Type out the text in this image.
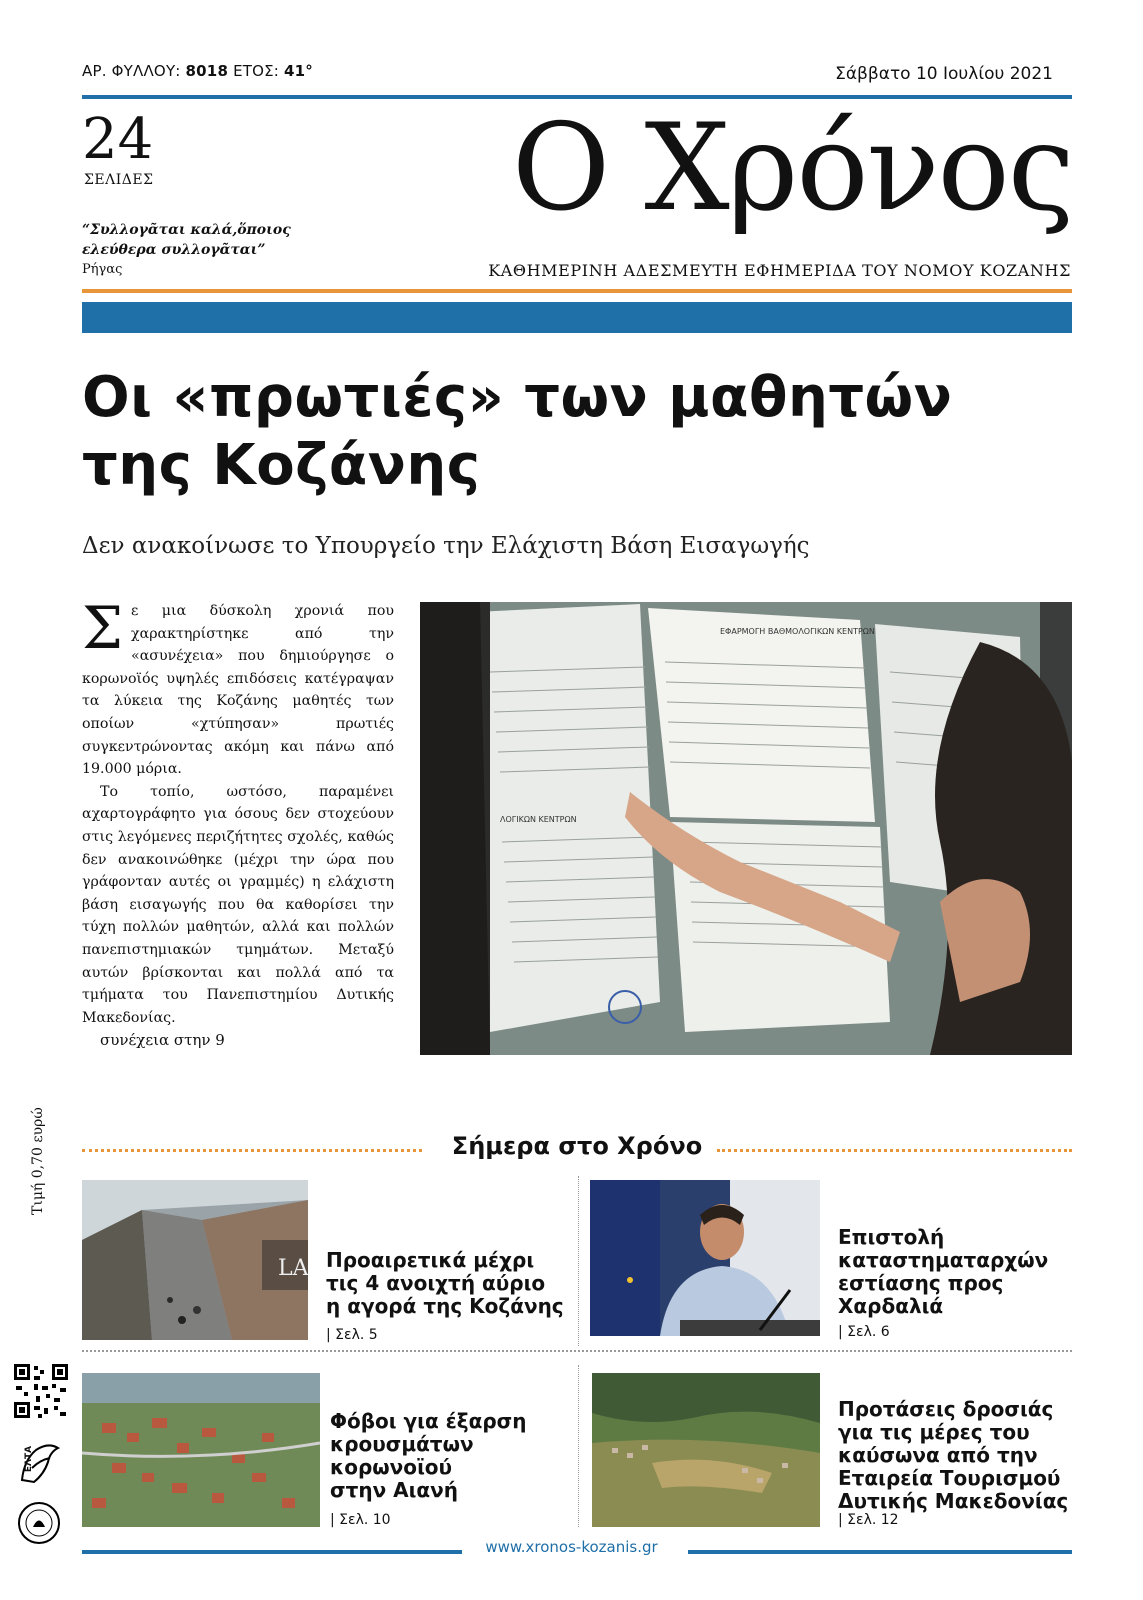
ΑΡ. ΦΥΛΛΟΥ: 8018 ΕΤΟΣ: 41°	Σάββατο 10 Ιουλίου 2021
24
ΣΕΛΙΔΕΣ
“Συλλογᾶται καλά,ὅποιος
ελεύθερα συλλογᾶται”
Ρήγας
Ο Χρόνος
ΚΑΘΗΜΕΡΙΝΗ ΑΔΕΣΜΕΥΤΗ ΕΦΗΜΕΡΙΔΑ ΤΟΥ ΝΟΜΟΥ ΚΟΖΑΝΗΣ
Οι «πρωτιές» των μαθητών
της Κοζάνης
Δεν ανακοίνωσε το Υπουργείο την Ελάχιστη Βάση Εισαγωγής

Σε μια δύσκολη χρονιά που χαρακτηρίστηκε από την «ασυνέχεια» που δημιούργησε ο κορωνοϊός υψηλές επιδόσεις κατέγραψαν τα λύκεια της Κοζάνης μαθητές των οποίων «χτύπησαν» πρωτιές συγκεντρώνοντας ακόμη και πάνω από 19.000 μόρια.

Το τοπίο, ωστόσο, παραμένει αχαρτογράφητο για όσους δεν στοχεύουν στις λεγόμενες περιζήτητες σχολές, καθώς δεν ανακοινώθηκε (μέχρι την ώρα που γράφονταν αυτές οι γραμμές) η ελάχιστη βάση εισαγωγής που θα καθορίσει την τύχη πολλών μαθητών, αλλά και πολλών πανεπιστημιακών τμημάτων. Μεταξύ αυτών βρίσκονται και πολλά από τα τμήματα του Πανεπιστημίου Δυτικής Μακεδονίας.

συνέχεια στην 9
ΕΦΑΡΜΟΓΗ ΒΑΘΜΟΛΟΓΙΚΩΝ ΚΕΝΤΡΩΝ
ΛΟΓΙΚΩΝ ΚΕΝΤΡΩΝ
Σήμερα στο Χρόνο
LA Προαιρετικά μέχρι
τις 4 ανοιχτή αύριο
η αγορά της Κοζάνης
| Σελ. 5
Επιστολή
καταστηματαρχών
εστίασης προς
Χαρδαλιά
| Σελ. 6
Φόβοι για έξαρση
κρουσμάτων
κορωνοϊού
στην Αιανή
| Σελ. 10
Προτάσεις δροσιάς
για τις μέρες του
καύσωνα από την
Εταιρεία Τουρισμού
Δυτικής Μακεδονίας
| Σελ. 12
Τιμή 0,70 ευρώ
ΕΛΤΑ
www.xronos-kozanis.gr
